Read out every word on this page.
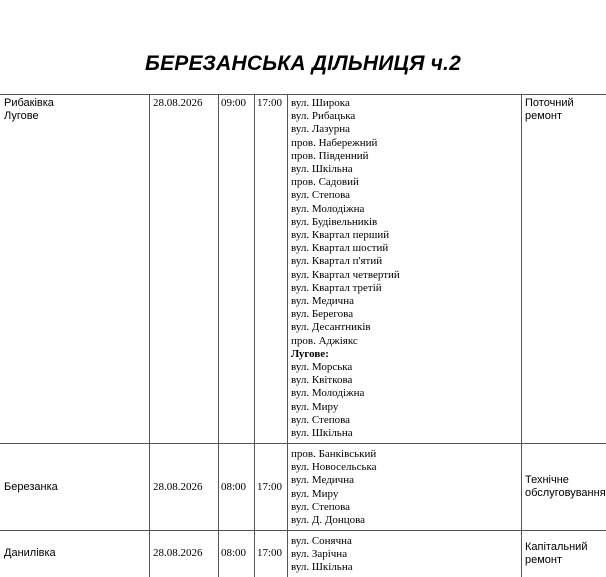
БЕРЕЗАНСЬКА ДІЛЬНИЦЯ ч.2
Рибаківка
Лугове
28.08.2026 09:00 17:00 вул. Широка
вул. Рибацька
вул. Лазурна
пров. Набережний
пров. Південний
вул. Шкільна
пров. Садовий
вул. Степова
вул. Молодіжна
вул. Будівельників
вул. Квартал перший
вул. Квартал шостий
вул. Квартал п'ятий
вул. Квартал четвертий
вул. Квартал третій
вул. Медична
вул. Берегова
вул. Десантників
пров. Аджіякс
Лугове:
вул. Морська
вул. Квіткова
вул. Молодіжна
вул. Миру
вул. Степова
вул. Шкільна
Поточний
ремонт
Березанка	28.08.2026 08:00 17:00
пров. Банківський
вул. Новосельська
вул. Медична
вул. Миру
вул. Степова
вул. Д. Донцова
Технічне
обслуговування
Данилівка	28.08.2026 08:00 17:00
вул. Сонячна
вул. Зарічна
вул. Шкільна
Капітальний
ремонт
